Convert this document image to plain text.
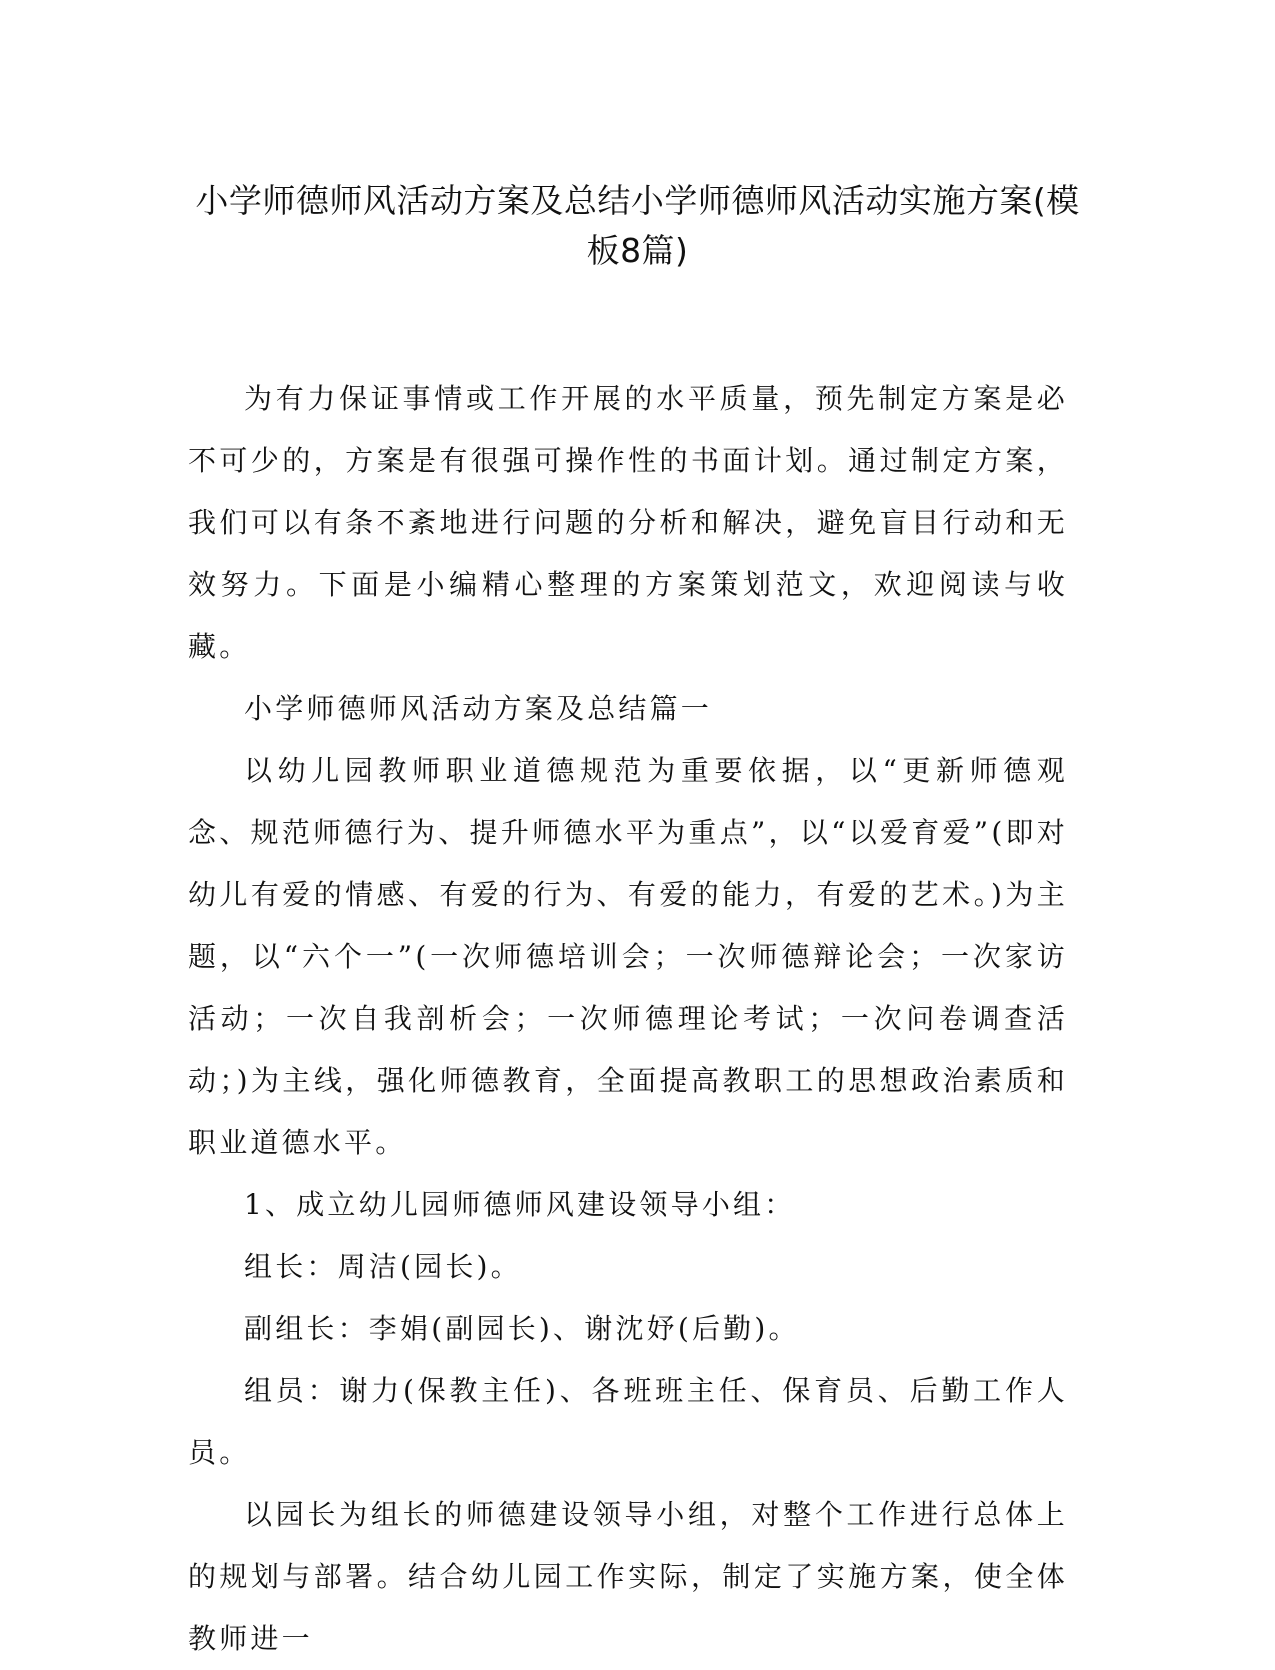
小学师德师风活动方案及总结小学师德师风活动实施方案(模板8篇)

为有力保证事情或工作开展的水平质量，预先制定方案是必不可少的，方案是有很强可操作性的书面计划。通过制定方案，我们可以有条不紊地进行问题的分析和解决，避免盲目行动和无效努力。下面是小编精心整理的方案策划范文，欢迎阅读与收藏。

小学师德师风活动方案及总结篇一

以幼儿园教师职业道德规范为重要依据，以“更新师德观念、规范师德行为、提升师德水平为重点”，以“以爱育爱”(即对幼儿有爱的情感、有爱的行为、有爱的能力，有爱的艺术。)为主题，以“六个一”(一次师德培训会；一次师德辩论会；一次家访活动；一次自我剖析会；一次师德理论考试；一次问卷调查活动；)为主线，强化师德教育，全面提高教职工的思想政治素质和职业道德水平。

1、成立幼儿园师德师风建设领导小组：

组长：周洁(园长)。

副组长：李娟(副园长)、谢沈妤(后勤)。

组员：谢力(保教主任)、各班班主任、保育员、后勤工作人员。

以园长为组长的师德建设领导小组，对整个工作进行总体上的规划与部署。结合幼儿园工作实际，制定了实施方案，使全体教师进一
